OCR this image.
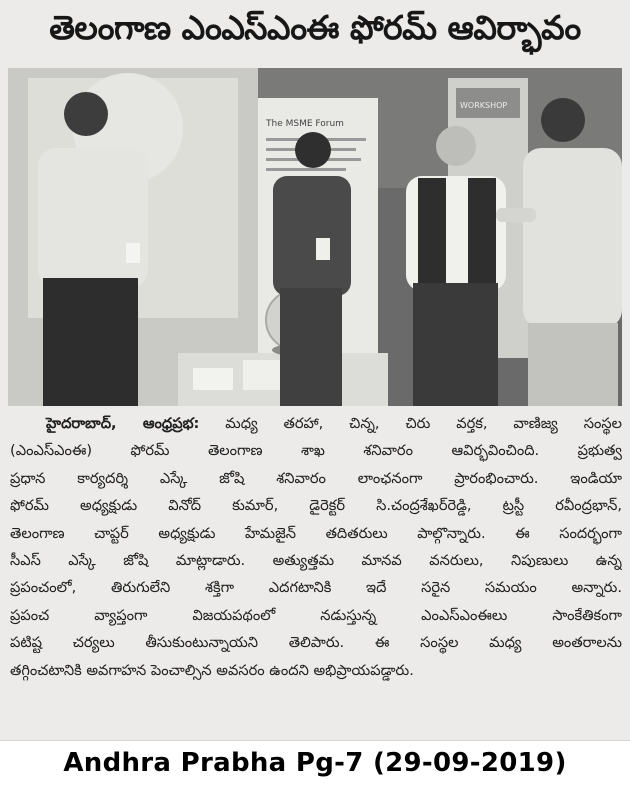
తెలంగాణ ఎంఎస్ఎంఈ ఫోరమ్ ఆవిర్భావం
The MSME Forum
WORKSHOP
హైదరాబాద్, ఆంధ్రప్రభ: మధ్య తరహా, చిన్న, చిరు వర్తక, వాణిజ్య సంస్థల
(ఎంఎస్ఎంఈ) ఫోరమ్ తెలంగాణ శాఖ శనివారం ఆవిర్భవించింది. ప్రభుత్వ
ప్రధాన కార్యదర్శి ఎస్కే జోషి శనివారం లాంఛనంగా ప్రారంభించారు. ఇండియా
ఫోరమ్ అధ్యక్షుడు వినోద్ కుమార్, డైరెక్టర్ సి.చంద్రశేఖర్‌రెడ్డి, ట్రస్టీ రవీంద్రభాన్,
తెలంగాణ చాప్టర్ అధ్యక్షుడు హేమజైన్ తదితరులు పాల్గొన్నారు. ఈ సందర్భంగా
సీఎస్ ఎస్కే జోషి మాట్లాడారు. అత్యుత్తమ మానవ వనరులు, నిపుణులు ఉన్న
ప్రపంచంలో, తిరుగులేని శక్తిగా ఎదగటానికి ఇదే సరైన సమయం అన్నారు.
ప్రపంచ వ్యాప్తంగా విజయపథంలో నడుస్తున్న ఎంఎస్ఎంఈలు సాంకేతికంగా
పటిష్ట చర్యలు తీసుకుంటున్నాయని తెలిపారు. ఈ సంస్థల మధ్య అంతరాలను
తగ్గించటానికి అవగాహన పెంచాల్సిన అవసరం ఉందని అభిప్రాయపడ్డారు.
Andhra Prabha Pg-7 (29-09-2019)
